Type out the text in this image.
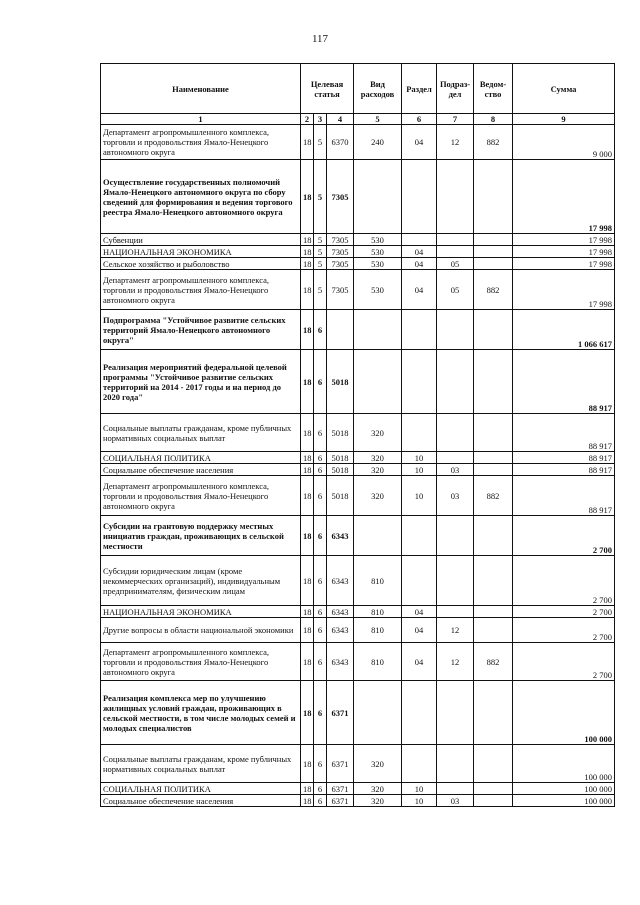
117
Наименование	Целевая статья			Вид расходов	Раздел	Подраз-дел	Ведом-ство	Сумма
1	2	3	4	5	6	7	8	9
Департамент агропромышленного комплекса, торговли и продовольствия Ямало-Ненецкого автономного округа	18	5	6370	240	04	12	882	9 000
Осуществление государственных полномочий Ямало-Ненецкого автономного округа по сбору сведений для формирования и ведения торгового реестра Ямало-Ненецкого автономного округа	18	5	7305					17 998
Субвенции	18	5	7305	530				17 998
НАЦИОНАЛЬНАЯ ЭКОНОМИКА	18	5	7305	530	04			17 998
Сельское хозяйство и рыболовство	18	5	7305	530	04	05		17 998
Департамент агропромышленного комплекса, торговли и продовольствия Ямало-Ненецкого автономного округа	18	5	7305	530	04	05	882	17 998
Подпрограмма "Устойчивое развитие сельских территорий Ямало-Ненецкого автономного округа"	18	6						1 066 617
Реализация мероприятий федеральной целевой программы "Устойчивое развитие сельских территорий на 2014 - 2017 годы и на период до 2020 года"	18	6	5018					88 917
Социальные выплаты гражданам, кроме публичных нормативных социальных выплат	18	6	5018	320				88 917
СОЦИАЛЬНАЯ ПОЛИТИКА	18	6	5018	320	10			88 917
Социальное обеспечение населения	18	6	5018	320	10	03		88 917
Департамент агропромышленного комплекса, торговли и продовольствия Ямало-Ненецкого автономного округа	18	6	5018	320	10	03	882	88 917
Субсидии на грантовую поддержку местных инициатив граждан, проживающих в сельской местности	18	6	6343					2 700
Субсидии юридическим лицам (кроме некоммерческих организаций), индивидуальным предпринимателям, физическим лицам	18	6	6343	810				2 700
НАЦИОНАЛЬНАЯ ЭКОНОМИКА	18	6	6343	810	04			2 700
Другие вопросы в области национальной экономики	18	6	6343	810	04	12		2 700
Департамент агропромышленного комплекса, торговли и продовольствия Ямало-Ненецкого автономного округа	18	6	6343	810	04	12	882	2 700
Реализация комплекса мер по улучшению жилищных условий граждан, проживающих в сельской местности, в том числе молодых семей и молодых специалистов	18	6	6371					100 000
Социальные выплаты гражданам, кроме публичных нормативных социальных выплат	18	6	6371	320				100 000
СОЦИАЛЬНАЯ ПОЛИТИКА	18	6	6371	320	10			100 000
Социальное обеспечение населения	18	6	6371	320	10	03		100 000
